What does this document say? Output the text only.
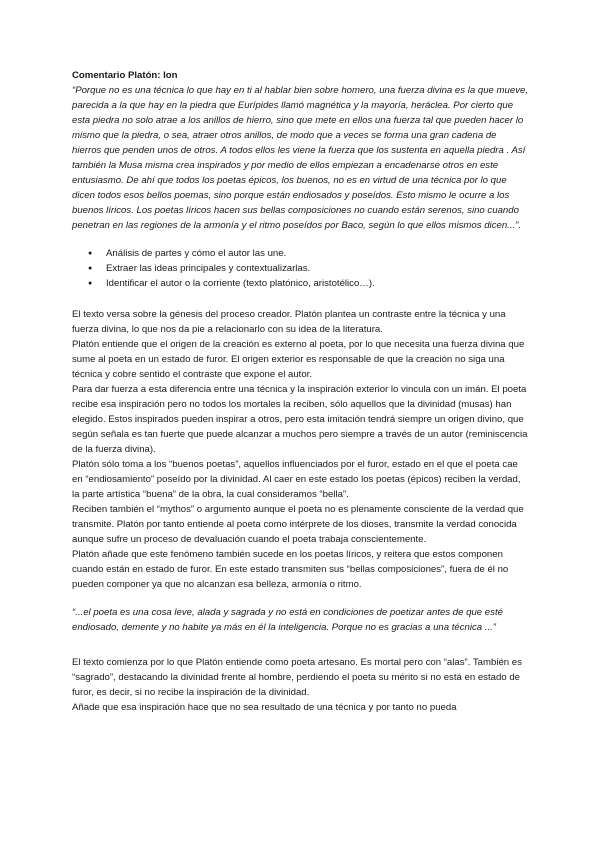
Comentario Platón: Ion

“Porque no es una técnica lo que hay en ti al hablar bien sobre homero, una fuerza divina es la que mueve, parecida a la que hay en la piedra que Eurípides llamó magnética y la mayoría, heráclea. Por cierto que esta piedra no solo atrae a los anillos de hierro, sino que mete en ellos una fuerza tal que pueden hacer lo mismo que la piedra, o sea, atraer otros anillos, de modo que a veces se forma una gran cadena de hierros que penden unos de otros. A todos ellos les viene la fuerza que los sustenta en aquella piedra . Así también la Musa misma crea inspirados y por medio de ellos empiezan a encadenarse otros en este entusiasmo. De ahí que todos los poetas épicos, los buenos, no es en virtud de una técnica por lo que dicen todos esos bellos poemas, sino porque están endiosados y poseídos. Esto mismo le ocurre a los buenos líricos. Los poetas líricos hacen sus bellas composiciones no cuando están serenos, sino cuando penetran en las regiones de la armonía y el ritmo poseídos por Baco, según lo que ellos mismos dicen...”.

● Análisis de partes y cómo el autor las une.
● Extraer las ideas principales y contextualizarlas.
● Identificar el autor o la corriente (texto platónico, aristotélico…).

El texto versa sobre la génesis del proceso creador. Platón plantea un contraste entre la técnica y una fuerza divina, lo que nos da pie a relacionarlo con su idea de la literatura.

Platón entiende que el origen de la creación es externo al poeta, por lo que necesita una fuerza divina que sume al poeta en un estado de furor. El origen exterior es responsable de que la creación no siga una técnica y cobre sentido el contraste que expone el autor.

Para dar fuerza a esta diferencia entre una técnica y la inspiración exterior lo vincula con un imán. El poeta recibe esa inspiración pero no todos los mortales la reciben, sólo aquellos que la divinidad (musas) han elegido. Estos inspirados pueden inspirar a otros, pero esta imitación tendrá siempre un origen divino, que según señala es tan fuerte que puede alcanzar a muchos pero siempre a través de un autor (reminiscencia de la fuerza divina).

Platón sólo toma a los “buenos poetas”, aquellos influenciados por el furor, estado en el que el poeta cae en “endiosamiento” poseído por la divinidad. Al caer en este estado los poetas (épicos) reciben la verdad, la parte artística “buena” de la obra, la cual consideramos “bella”.

Reciben también el “mythos” o argumento aunque el poeta no es plenamente consciente de la verdad que transmite. Platón por tanto entiende al poeta como intérprete de los dioses, transmite la verdad conocida aunque sufre un proceso de devaluación cuando el poeta trabaja conscientemente.

Platón añade que este fenómeno también sucede en los poetas líricos, y reitera que estos componen cuando están en estado de furor. En este estado transmiten sus “bellas composiciones”, fuera de él no pueden componer ya que no alcanzan esa belleza, armonía o ritmo.

“...el poeta es una cosa leve, alada y sagrada y no está en condiciones de poetizar antes de que esté endiosado, demente y no habite ya más en él la inteligencia. Porque no es gracias a una técnica ...”

El texto comienza por lo que Platón entiende como poeta artesano. Es mortal pero con “alas”. También es “sagrado”, destacando la divinidad frente al hombre, perdiendo el poeta su mérito si no está en estado de furor, es decir, si no recibe la inspiración de la divinidad.

Añade que esa inspiración hace que no sea resultado de una técnica y por tanto no pueda
